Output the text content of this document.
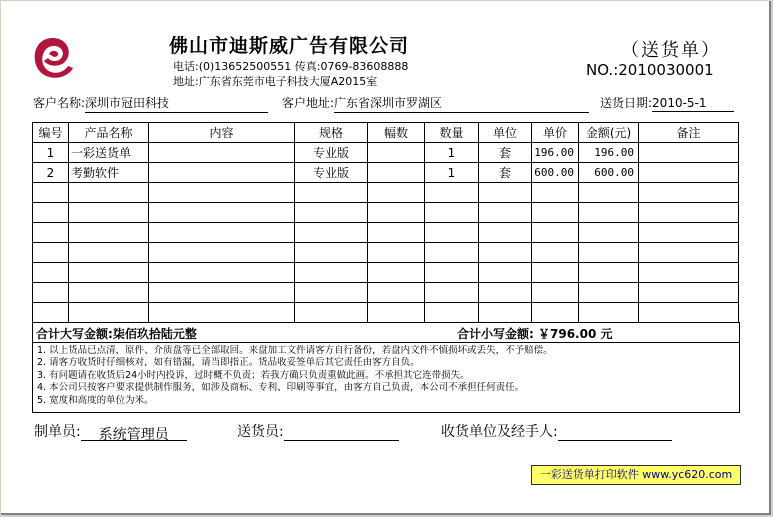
佛山市迪斯威广告有限公司
电话:(0)13652500551 传真:0769-83608888
地址:广东省东莞市电子科技大厦A2015室
（送货单）
NO.:2010030001
客户名称:深圳市冠田科技	客户地址:广东省深圳市罗湖区	送货日期:2010-5-1
编号	产品名称	内容	规格	幅数	数量	单位	单价	金额(元)	备注
1	一彩送货单		专业版		1	套	196.00	196.00	
2	考勤软件		专业版		1	套	600.00	600.00	

合计大写金额:柒佰玖拾陆元整	合计小写金额: ￥796.00 元
1. 以上货品已点清，原件、介质盘等已全部取回。来盘加工文件请客方自行备份，若盘内文件不慎损坏或丢失，不予赔偿。
2. 请客方收货时仔细核对，如有错漏，请当即指正。货品收妥签单后其它责任由客方自负。
3. 有问题请在收货后24小时内投诉，过时概不负责；若我方确只负责重做此画。不承担其它连带损失。
4. 本公司只按客户要求提供制作服务，如涉及商标、专利、印刷等事宜，由客方自己负责，本公司不承担任何责任。
5. 宽度和高度的单位为米。
制单员: 系统管理员	送货员:	收货单位及经手人:
一彩送货单打印软件 www.yc620.com
